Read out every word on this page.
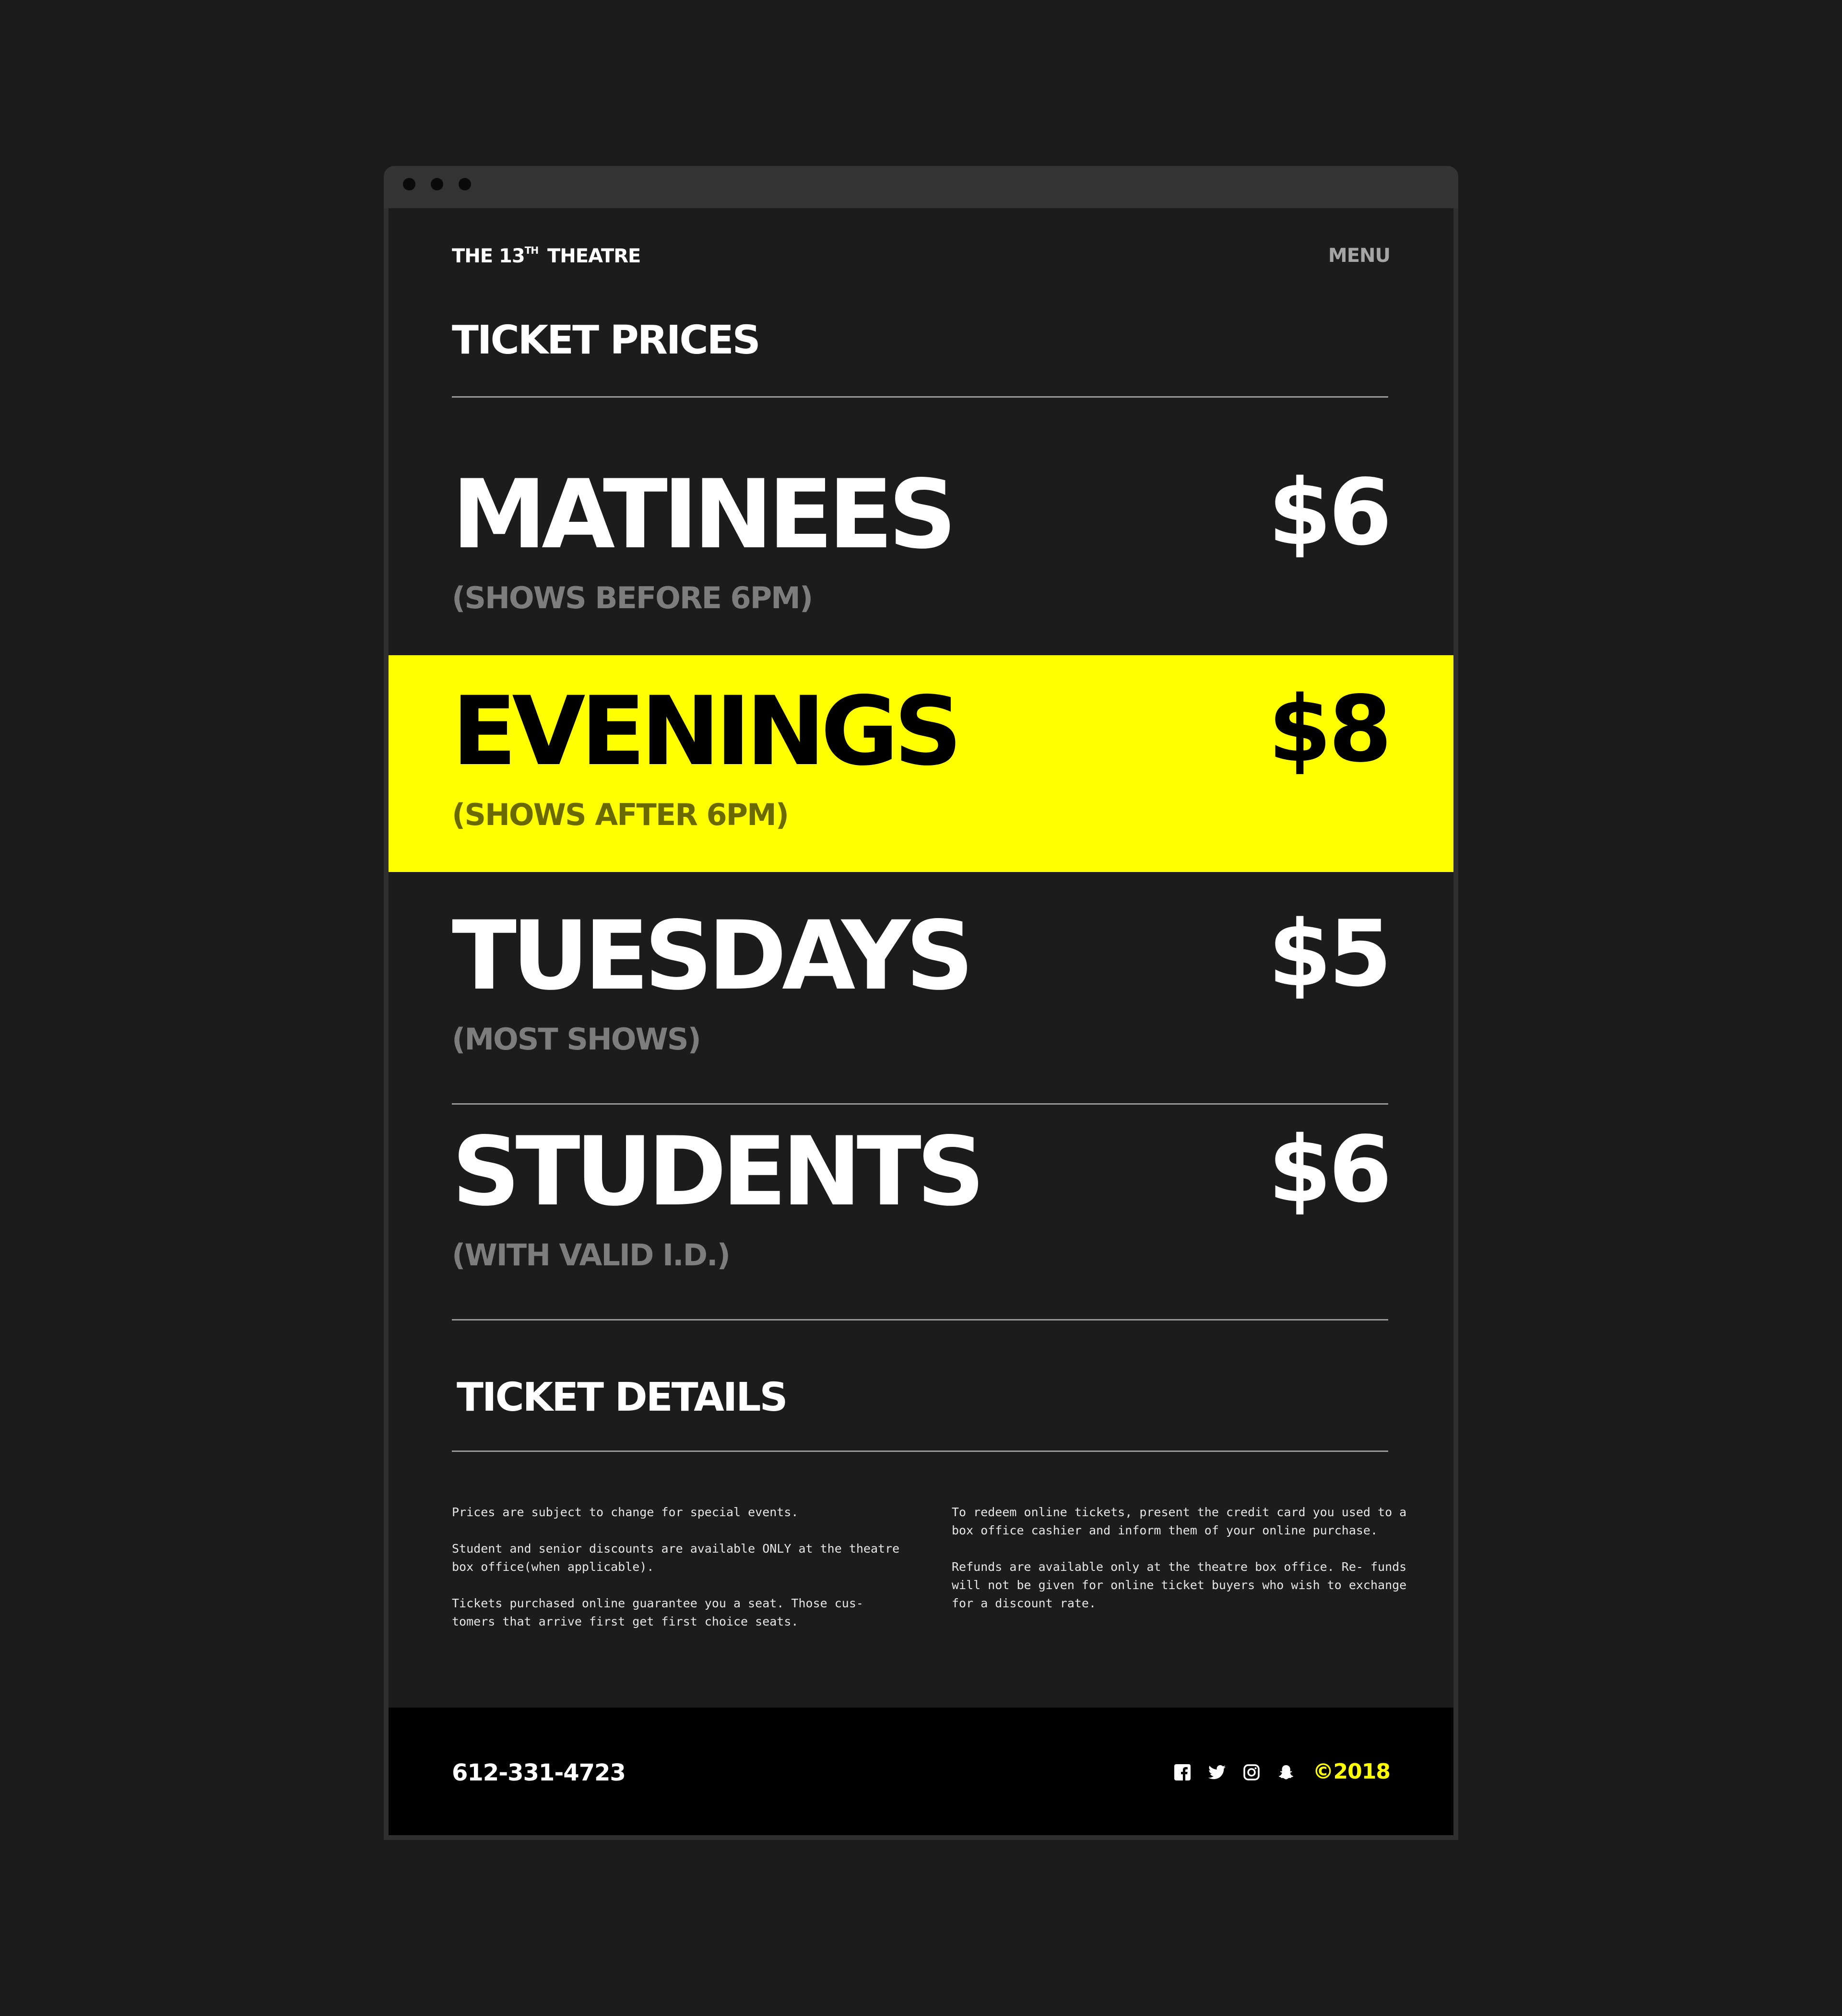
THE 13TH THEATRE	MENU
TICKET PRICES
MATINEES	$6
(SHOWS BEFORE 6PM)
EVENINGS	$8
(SHOWS AFTER 6PM)
TUESDAYS	$5
(MOST SHOWS)
STUDENTS	$6
(WITH VALID I.D.)
TICKET DETAILS

Prices are subject to change for special events.

Student and senior discounts are available ONLY at the theatre box office(when applicable).

Tickets purchased online guarantee you a seat. Those cus- tomers that arrive first get first choice seats.

To redeem online tickets, present the credit card you used to a box office cashier and inform them of your online purchase.

Refunds are available only at the theatre box office. Re- funds will not be given for online ticket buyers who wish to exchange for a discount rate.

612-331-4723	©2018
